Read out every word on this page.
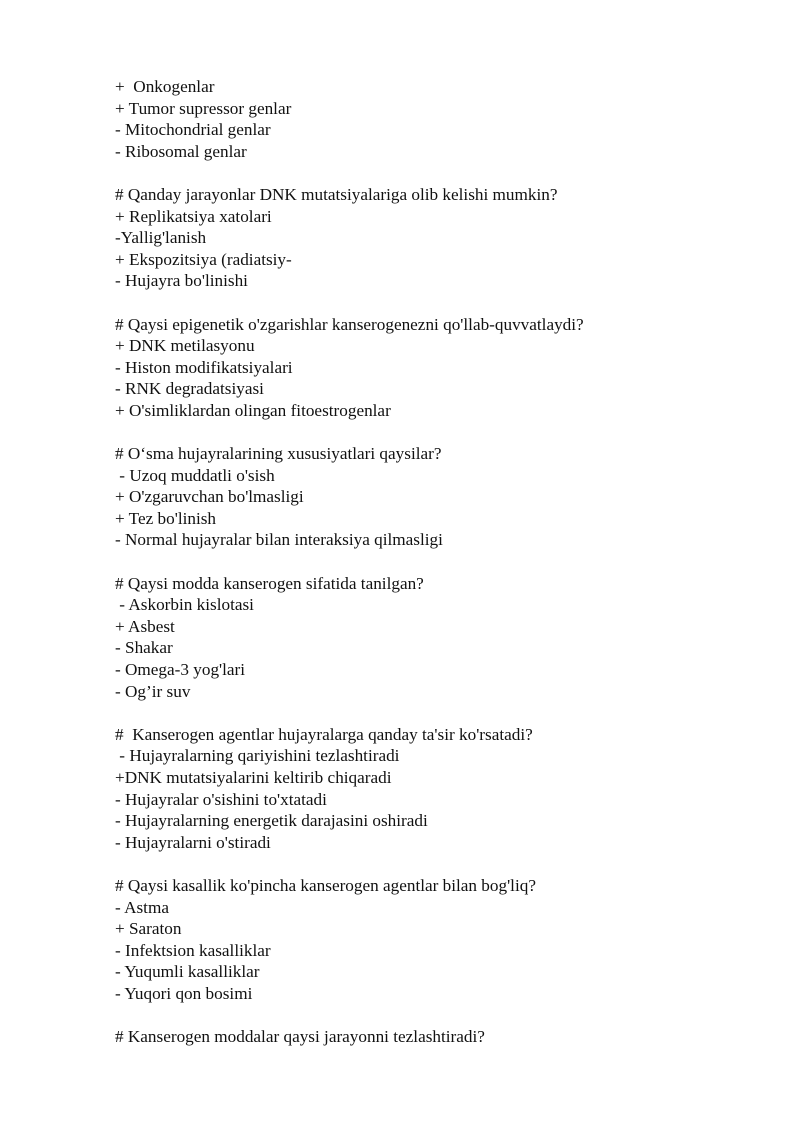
+  Onkogenlar
+ Tumor supressor genlar
- Mitochondrial genlar
- Ribosomal genlar
# Qanday jarayonlar DNK mutatsiyalariga olib kelishi mumkin?
+ Replikatsiya xatolari
-Yallig'lanish
+ Ekspozitsiya (radiatsiy-
- Hujayra bo'linishi
# Qaysi epigenetik o'zgarishlar kanserogenezni qo'llab-quvvatlaydi?
+ DNK metilasyonu
- Histon modifikatsiyalari
- RNK degradatsiyasi
+ O'simliklardan olingan fitoestrogenlar
# O‘sma hujayralarining xususiyatlari qaysilar?
- Uzoq muddatli o'sish
+ O'zgaruvchan bo'lmasligi
+ Tez bo'linish
- Normal hujayralar bilan interaksiya qilmasligi
# Qaysi modda kanserogen sifatida tanilgan?
- Askorbin kislotasi
+ Asbest
- Shakar
- Omega-3 yog'lari
- Og’ir suv
#  Kanserogen agentlar hujayralarga qanday ta'sir ko'rsatadi?
- Hujayralarning qariyishini tezlashtiradi
+DNK mutatsiyalarini keltirib chiqaradi
- Hujayralar o'sishini to'xtatadi
- Hujayralarning energetik darajasini oshiradi
- Hujayralarni o'stiradi
# Qaysi kasallik ko'pincha kanserogen agentlar bilan bog'liq?
- Astma
+ Saraton
- Infektsion kasalliklar
- Yuqumli kasalliklar
- Yuqori qon bosimi
# Kanserogen moddalar qaysi jarayonni tezlashtiradi?
